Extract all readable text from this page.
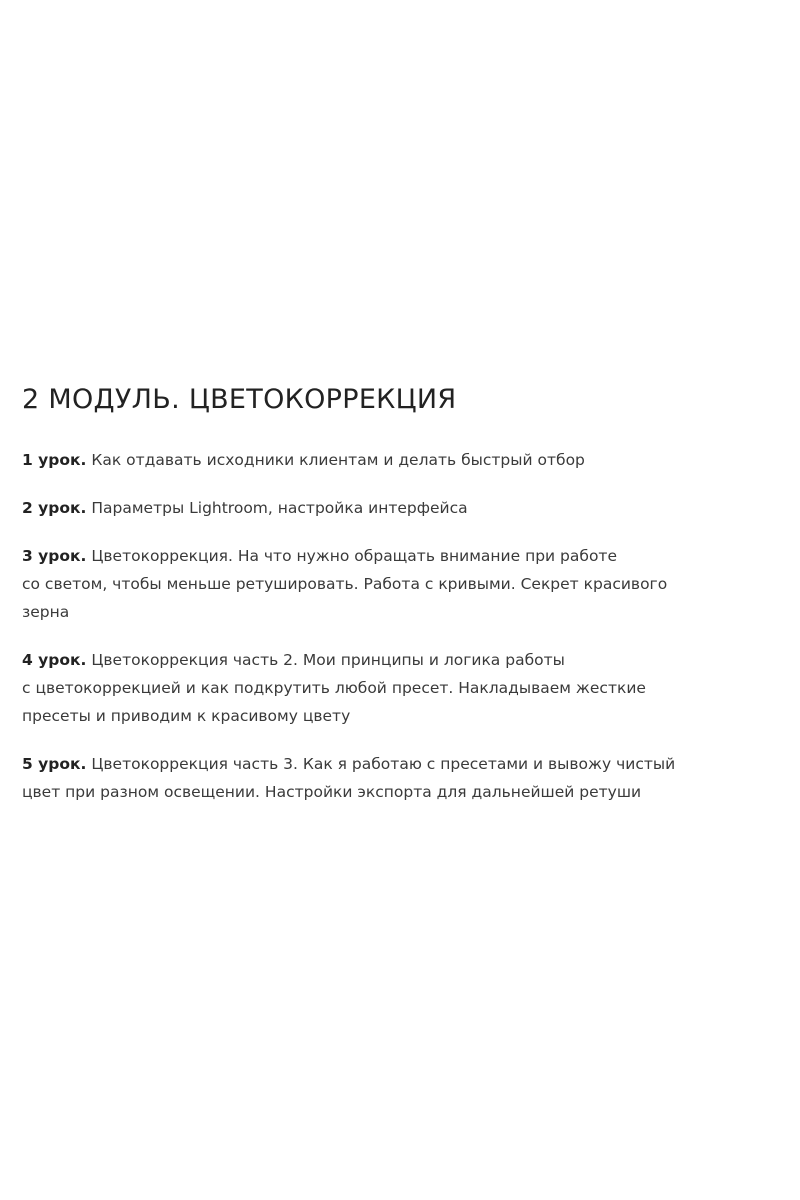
2 МОДУЛЬ. ЦВЕТОКОРРЕКЦИЯ
1 урок. Как отдавать исходники клиентам и делать быстрый отбор
2 урок. Параметры Lightroom, настройка интерфейса
3 урок. Цветокоррекция. На что нужно обращать внимание при работе
со светом, чтобы меньше ретушировать. Работа с кривыми. Секрет красивого
зерна
4 урок. Цветокоррекция часть 2. Мои принципы и логика работы
с цветокоррекцией и как подкрутить любой пресет. Накладываем жесткие
пресеты и приводим к красивому цвету
5 урок. Цветокоррекция часть 3. Как я работаю с пресетами и вывожу чистый
цвет при разном освещении. Настройки экспорта для дальнейшей ретуши
